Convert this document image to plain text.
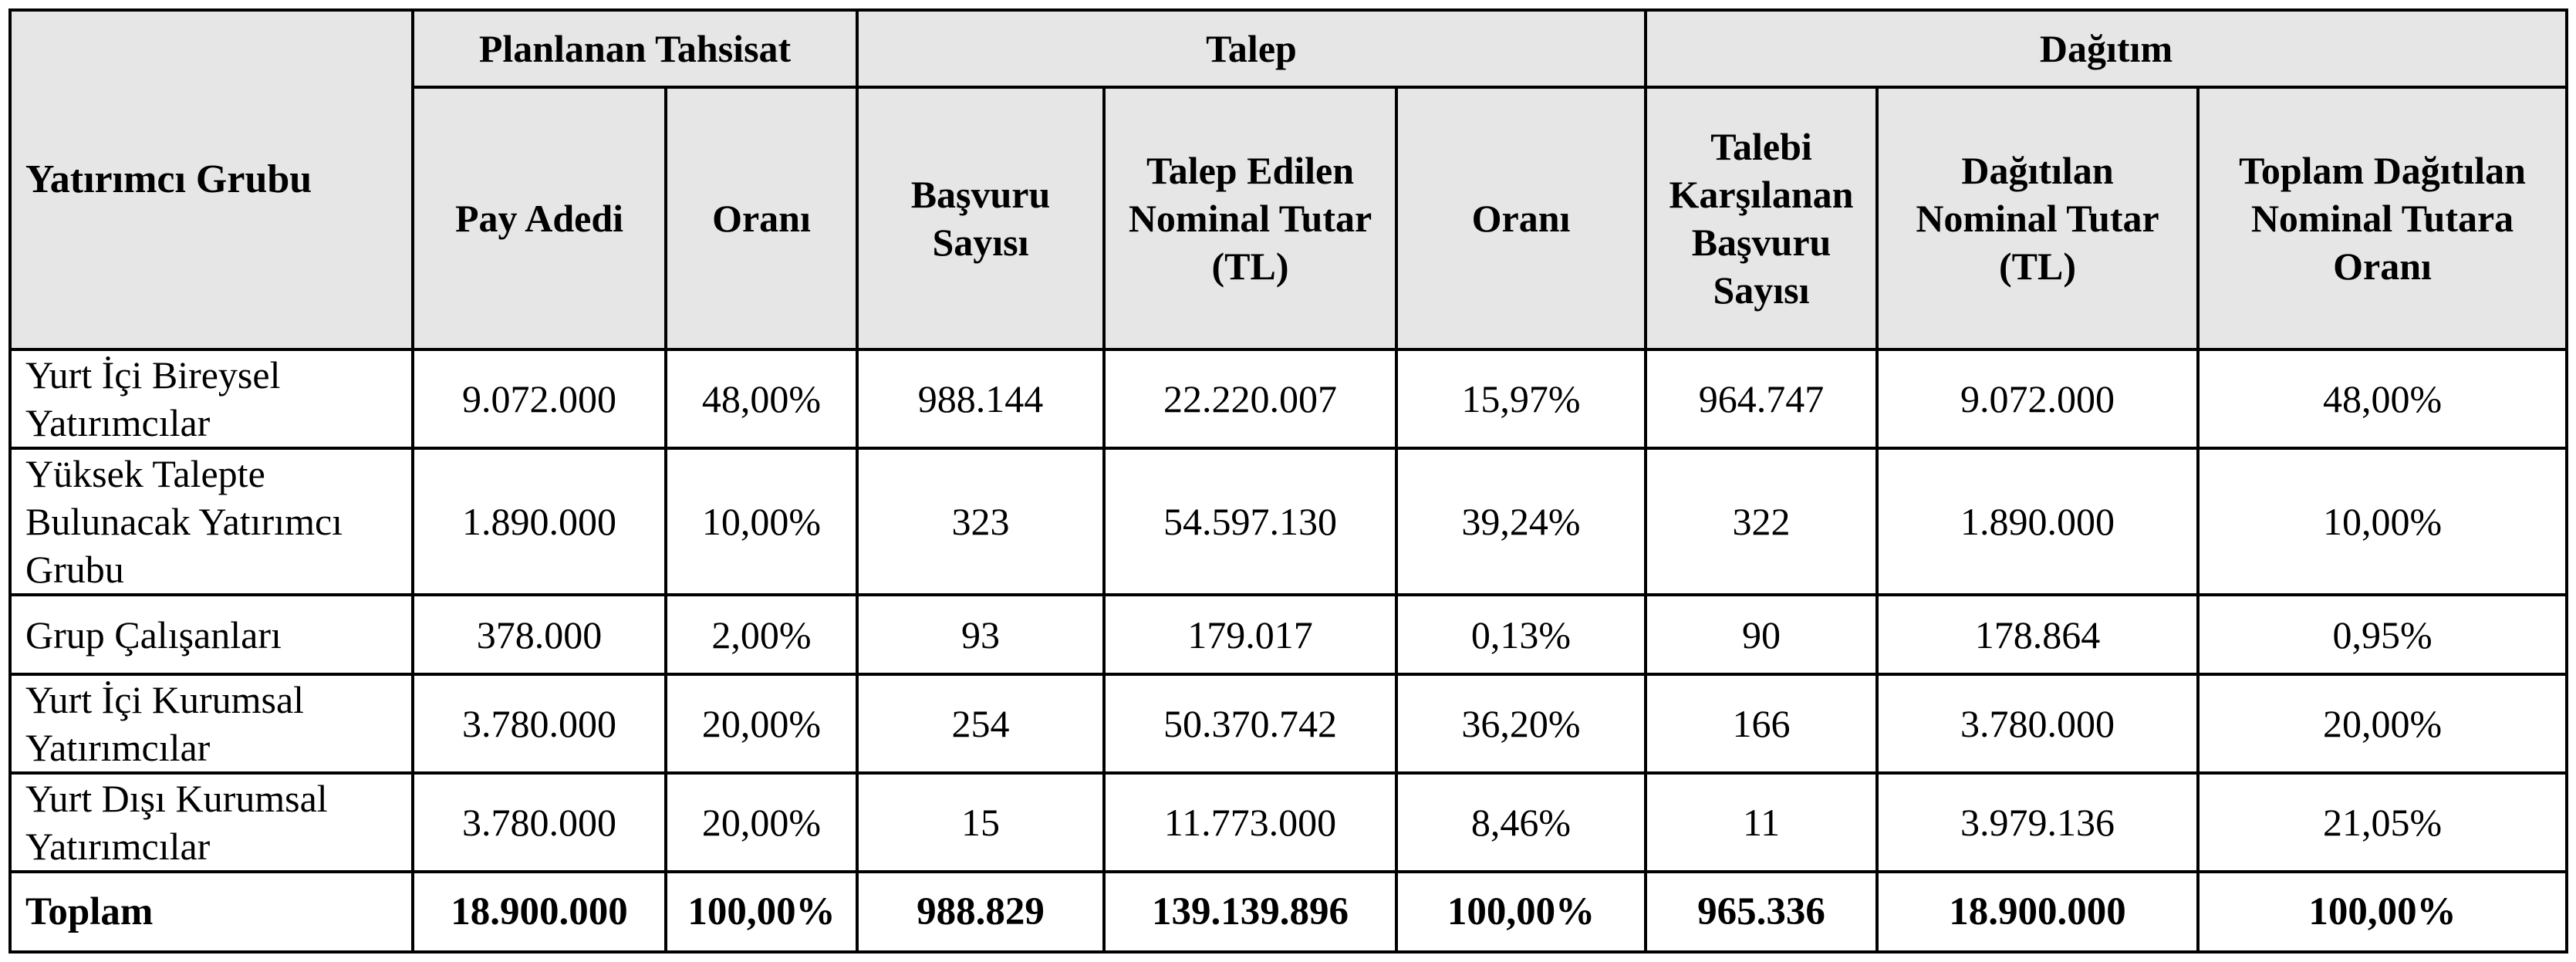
Yatırımcı Grubu	Planlanan Tahsisat		Talep			Dağıtım		
	Pay Adedi	Oranı	Başvuru Sayısı	Talep Edilen Nominal Tutar (TL)	Oranı	Talebi Karşılanan Başvuru Sayısı	Dağıtılan Nominal Tutar (TL)	Toplam Dağıtılan Nominal Tutara Oranı
Yurt İçi Bireysel Yatırımcılar	9.072.000	48,00%	988.144	22.220.007	15,97%	964.747	9.072.000	48,00%
Yüksek Talepte Bulunacak Yatırımcı Grubu	1.890.000	10,00%	323	54.597.130	39,24%	322	1.890.000	10,00%
Grup Çalışanları	378.000	2,00%	93	179.017	0,13%	90	178.864	0,95%
Yurt İçi Kurumsal Yatırımcılar	3.780.000	20,00%	254	50.370.742	36,20%	166	3.780.000	20,00%
Yurt Dışı Kurumsal Yatırımcılar	3.780.000	20,00%	15	11.773.000	8,46%	11	3.979.136	21,05%
Toplam	18.900.000	100,00%	988.829	139.139.896	100,00%	965.336	18.900.000	100,00%
